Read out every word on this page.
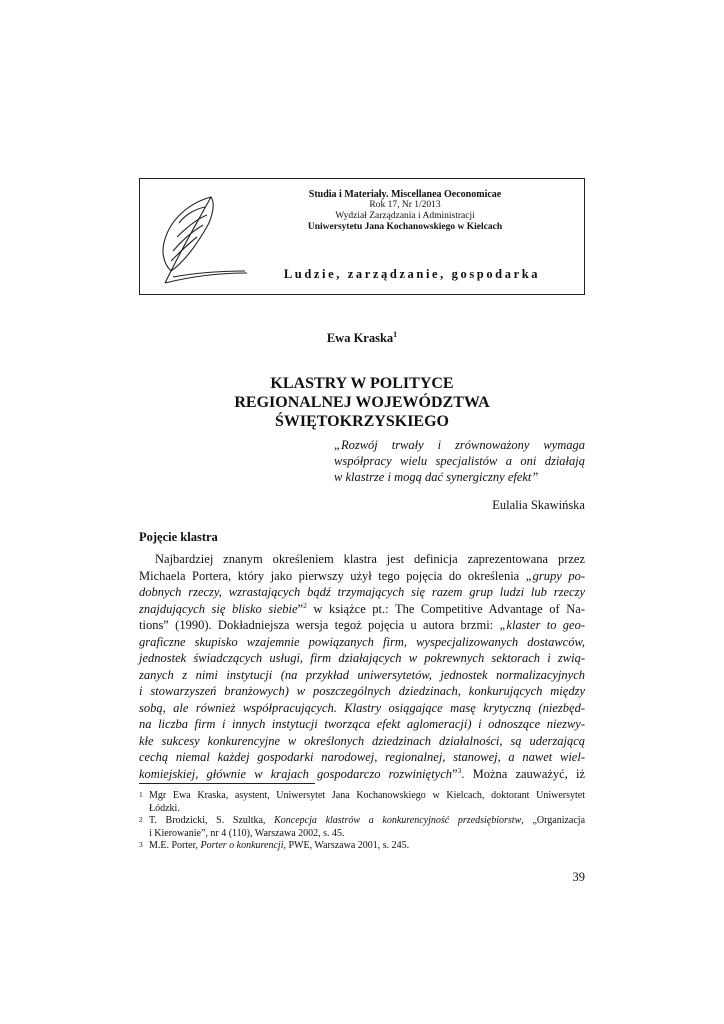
Studia i Materiały. Miscellanea Oeconomicae
Rok 17, Nr 1/2013
Wydział Zarządzania i Administracji
Uniwersytetu Jana Kochanowskiego w Kielcach
Ludzie, zarządzanie, gospodarka
Ewa Kraska$^1$
KLASTRY W POLITYCE
REGIONALNEJ WOJEWÓDZTWA
ŚWIĘTOKRZYSKIEGO
„Rozwój trwały i zrównoważony wymaga
współpracy wielu specjalistów a oni działają
w klastrze i mogą dać synergiczny efekt”
Eulalia Skawińska
Pojęcie klastra
Najbardziej znanym określeniem klastra jest definicja zaprezentowana przez
Michaela Portera, który jako pierwszy użył tego pojęcia do określenia „grupy po-
dobnych rzeczy, wzrastających bądź trzymających się razem grup ludzi lub rzeczy
znajdujących się blisko siebie”$^2$ w książce pt.: The Competitive Advantage of Na-
tions” (1990). Dokładniejsza wersja tegoż pojęcia u autora brzmi: „klaster to geo-
graficzne skupisko wzajemnie powiązanych firm, wyspecjalizowanych dostawców,
jednostek świadczących usługi, firm działających w pokrewnych sektorach i zwią-
zanych z nimi instytucji (na przykład uniwersytetów, jednostek normalizacyjnych
i stowarzyszeń branżowych) w poszczególnych dziedzinach, konkurujących między
sobą, ale również współpracujących. Klastry osiągające masę krytyczną (niezbęd-
na liczba firm i innych instytucji tworząca efekt aglomeracji) i odnoszące niezwy-
kłe sukcesy konkurencyjne w określonych dziedzinach działalności, są uderzającą
cechą niemal każdej gospodarki narodowej, regionalnej, stanowej, a nawet wiel-
komiejskiej, głównie w krajach gospodarczo rozwiniętych”$^3$. Można zauważyć, iż
1 Mgr Ewa Kraska, asystent, Uniwersytet Jana Kochanowskiego w Kielcach, doktorant Uniwersytet
Łódzki.
2 T. Brodzicki, S. Szultka, Koncepcja klastrów a konkurencyjność przedsiębiorstw, „Organizacja
i Kierowanie”, nr 4 (110), Warszawa 2002, s. 45.
3 M.E. Porter, Porter o konkurencji, PWE, Warszawa 2001, s. 245.
39
